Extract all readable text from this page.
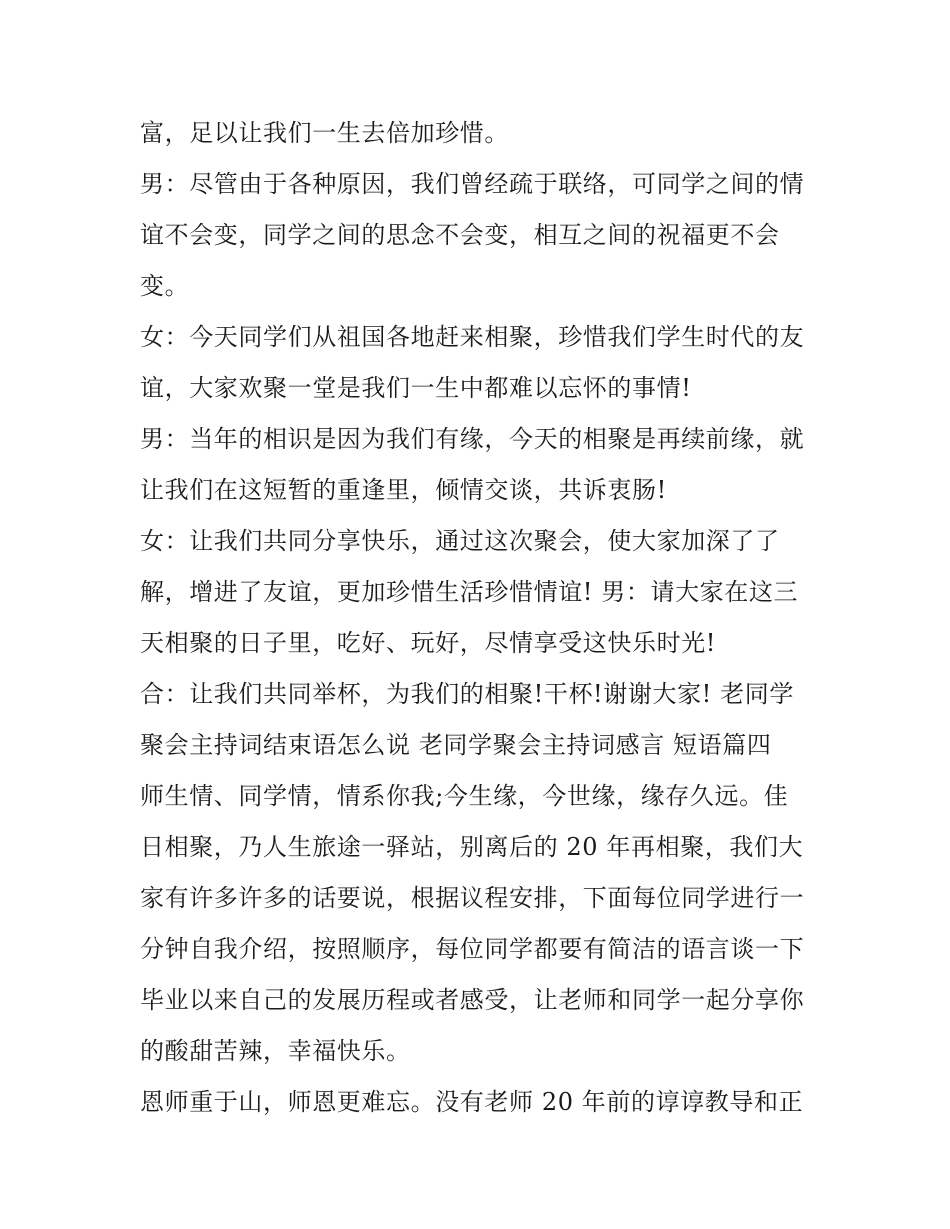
富，足以让我们一生去倍加珍惜。
男：尽管由于各种原因，我们曾经疏于联络，可同学之间的情
谊不会变，同学之间的思念不会变，相互之间的祝福更不会
变。
女：今天同学们从祖国各地赶来相聚，珍惜我们学生时代的友
谊，大家欢聚一堂是我们一生中都难以忘怀的事情!
男：当年的相识是因为我们有缘，今天的相聚是再续前缘，就
让我们在这短暂的重逢里，倾情交谈，共诉衷肠!
女：让我们共同分享快乐，通过这次聚会，使大家加深了了
解，增进了友谊，更加珍惜生活珍惜情谊! 男：请大家在这三
天相聚的日子里，吃好、玩好，尽情享受这快乐时光!
合：让我们共同举杯，为我们的相聚!干杯!谢谢大家! 老同学
聚会主持词结束语怎么说 老同学聚会主持词感言 短语篇四
师生情、同学情，情系你我;今生缘，今世缘，缘存久远。佳
日相聚，乃人生旅途一驿站，别离后的 20 年再相聚，我们大
家有许多许多的话要说，根据议程安排，下面每位同学进行一
分钟自我介绍，按照顺序，每位同学都要有简洁的语言谈一下
毕业以来自己的发展历程或者感受，让老师和同学一起分享你
的酸甜苦辣，幸福快乐。
恩师重于山，师恩更难忘。没有老师 20 年前的谆谆教导和正
